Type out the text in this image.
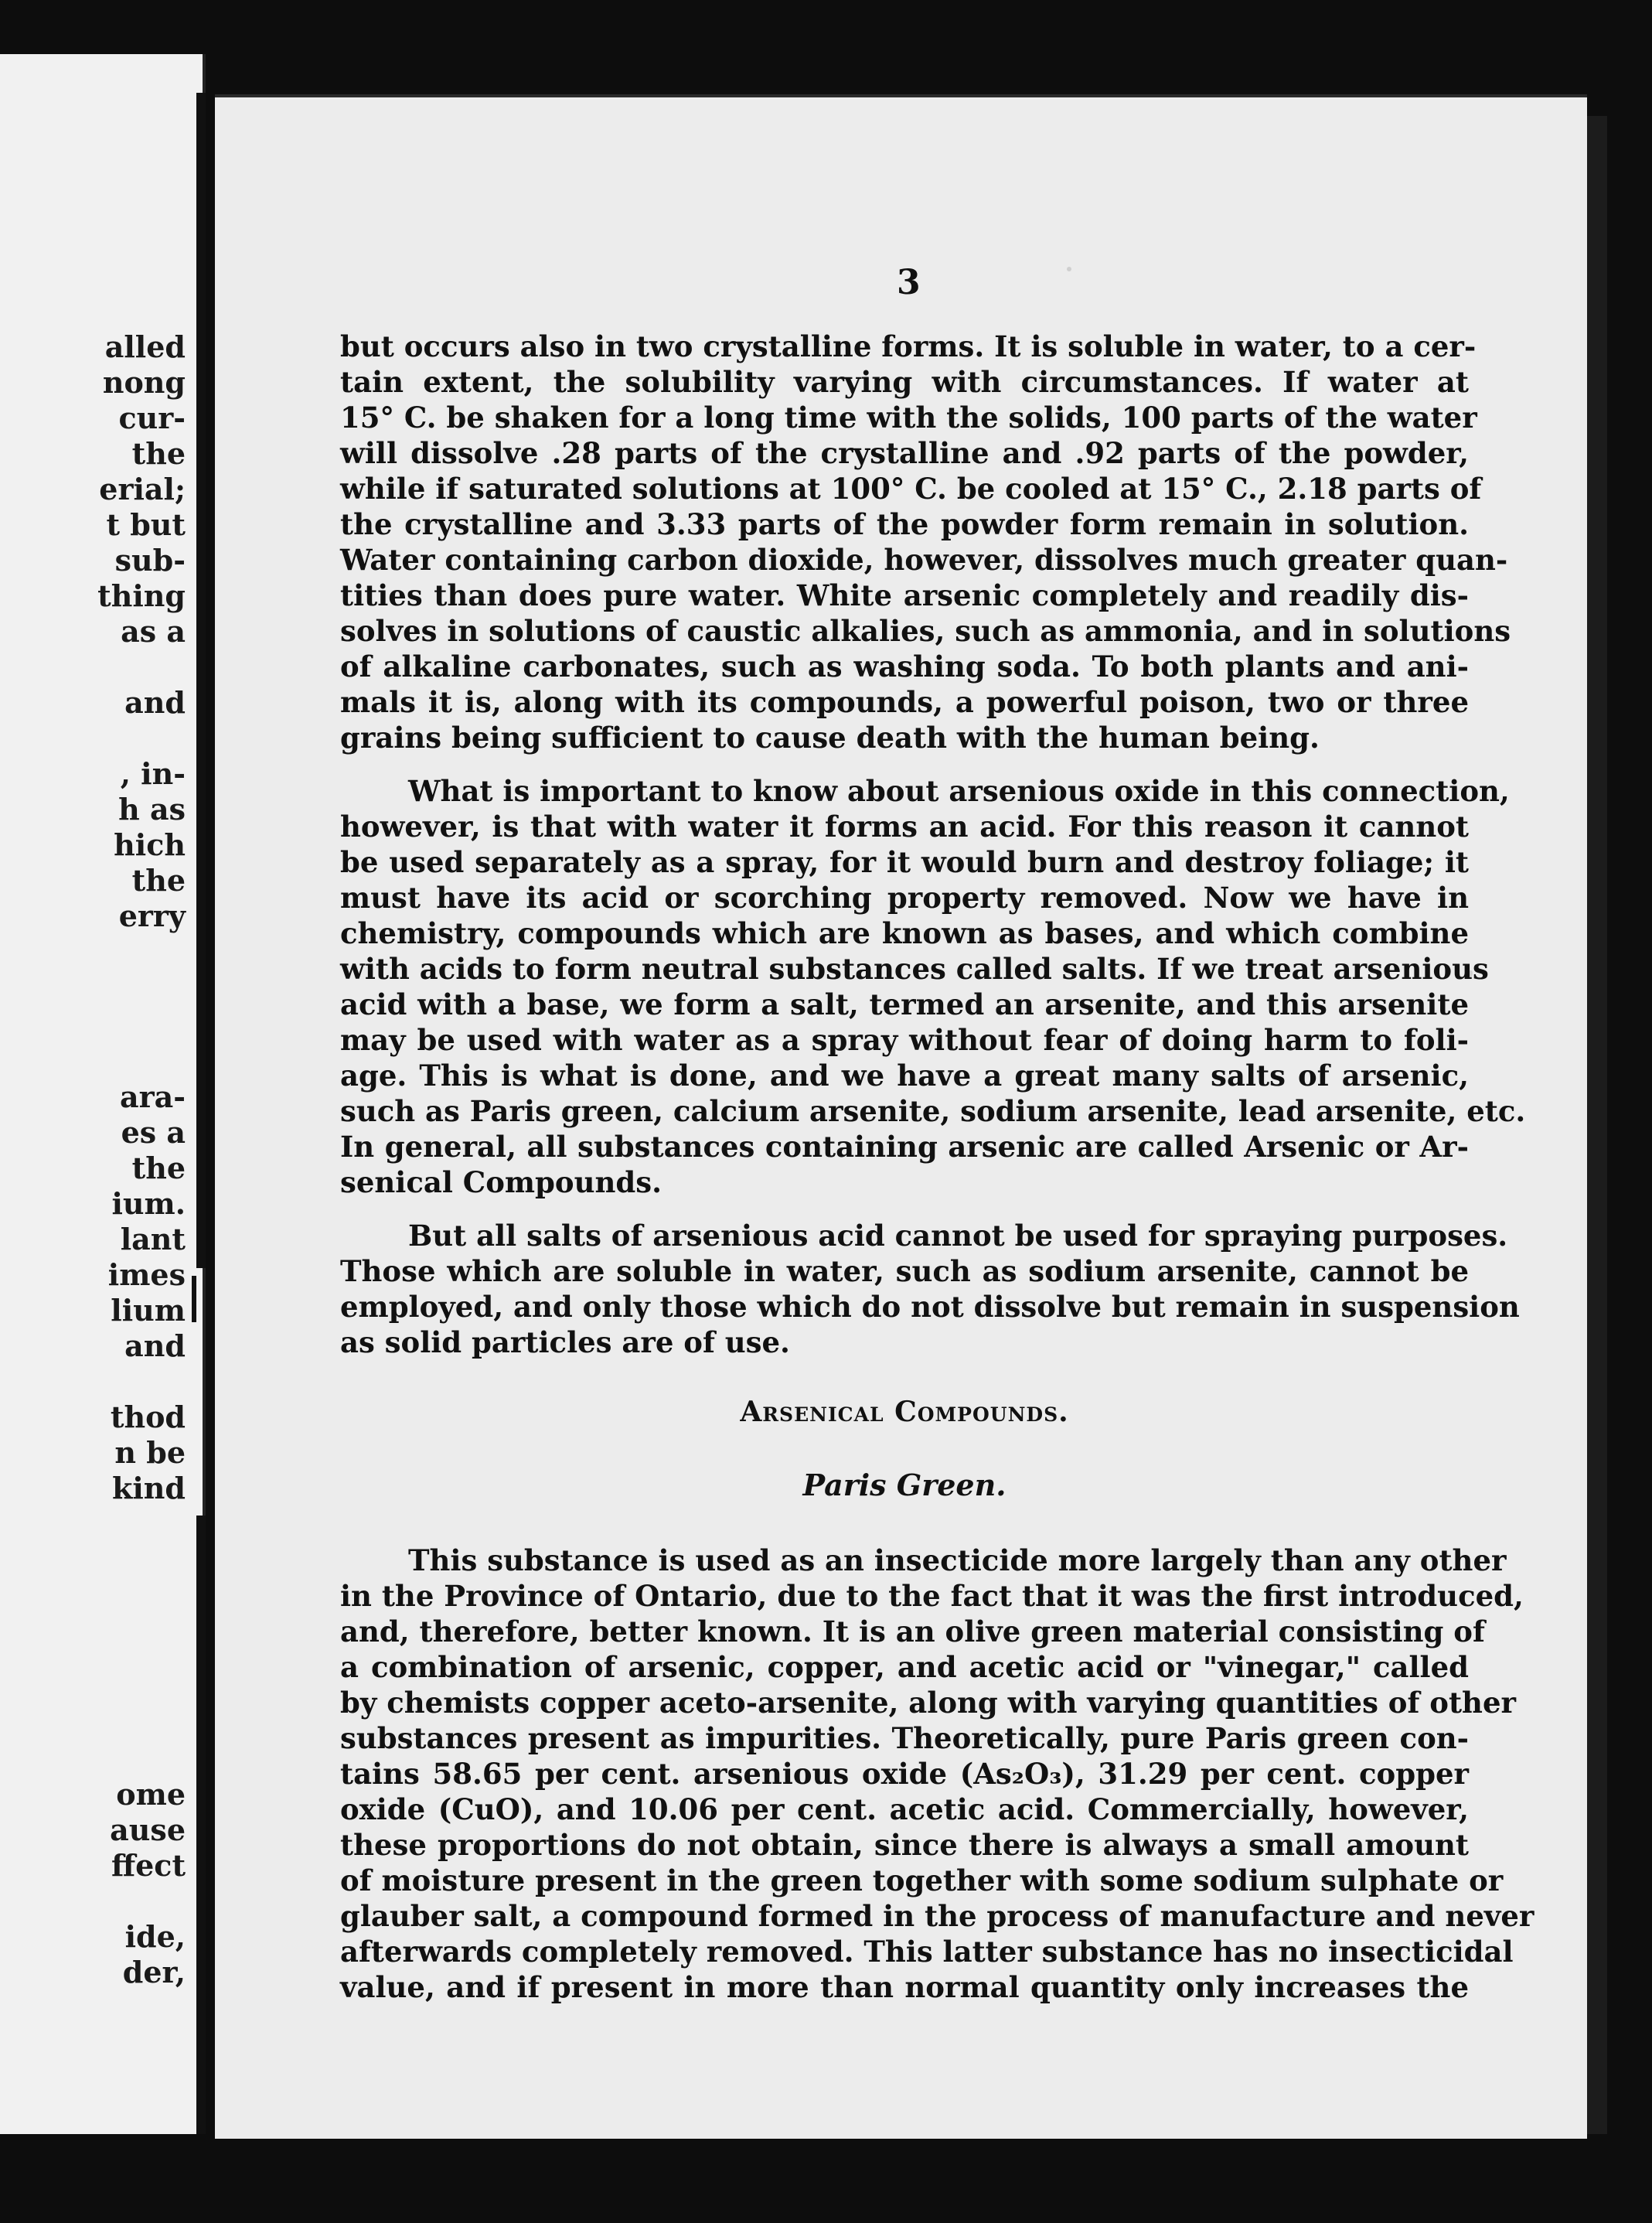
alled
nong
cur-
the
erial;
t but
sub-
thing
as a
and
, in-
h as
hich
the
erry
ara-
es a
the
ium.
lant
imes
lium
and
thod
n be
kind
ome
ause
ffect
ide,
der,
3
but occurs also in two crystalline forms. It is soluble in water, to a cer-
tain extent, the solubility varying with circumstances. If water at
15° C. be shaken for a long time with the solids, 100 parts of the water
will dissolve .28 parts of the crystalline and .92 parts of the powder,
while if saturated solutions at 100° C. be cooled at 15° C., 2.18 parts of
the crystalline and 3.33 parts of the powder form remain in solution.
Water containing carbon dioxide, however, dissolves much greater quan-
tities than does pure water. White arsenic completely and readily dis-
solves in solutions of caustic alkalies, such as ammonia, and in solutions
of alkaline carbonates, such as washing soda. To both plants and ani-
mals it is, along with its compounds, a powerful poison, two or three
grains being sufficient to cause death with the human being.
What is important to know about arsenious oxide in this connection,
however, is that with water it forms an acid. For this reason it cannot
be used separately as a spray, for it would burn and destroy foliage; it
must have its acid or scorching property removed. Now we have in
chemistry, compounds which are known as bases, and which combine
with acids to form neutral substances called salts. If we treat arsenious
acid with a base, we form a salt, termed an arsenite, and this arsenite
may be used with water as a spray without fear of doing harm to foli-
age. This is what is done, and we have a great many salts of arsenic,
such as Paris green, calcium arsenite, sodium arsenite, lead arsenite, etc.
In general, all substances containing arsenic are called Arsenic or Ar-
senical Compounds.
But all salts of arsenious acid cannot be used for spraying purposes.
Those which are soluble in water, such as sodium arsenite, cannot be
employed, and only those which do not dissolve but remain in suspension
as solid particles are of use.
Arsenical Compounds.
Paris Green.
This substance is used as an insecticide more largely than any other
in the Province of Ontario, due to the fact that it was the first introduced,
and, therefore, better known. It is an olive green material consisting of
a combination of arsenic, copper, and acetic acid or "vinegar," called
by chemists copper aceto-arsenite, along with varying quantities of other
substances present as impurities. Theoretically, pure Paris green con-
tains 58.65 per cent. arsenious oxide (As₂O₃), 31.29 per cent. copper
oxide (CuO), and 10.06 per cent. acetic acid. Commercially, however,
these proportions do not obtain, since there is always a small amount
of moisture present in the green together with some sodium sulphate or
glauber salt, a compound formed in the process of manufacture and never
afterwards completely removed. This latter substance has no insecticidal
value, and if present in more than normal quantity only increases the
